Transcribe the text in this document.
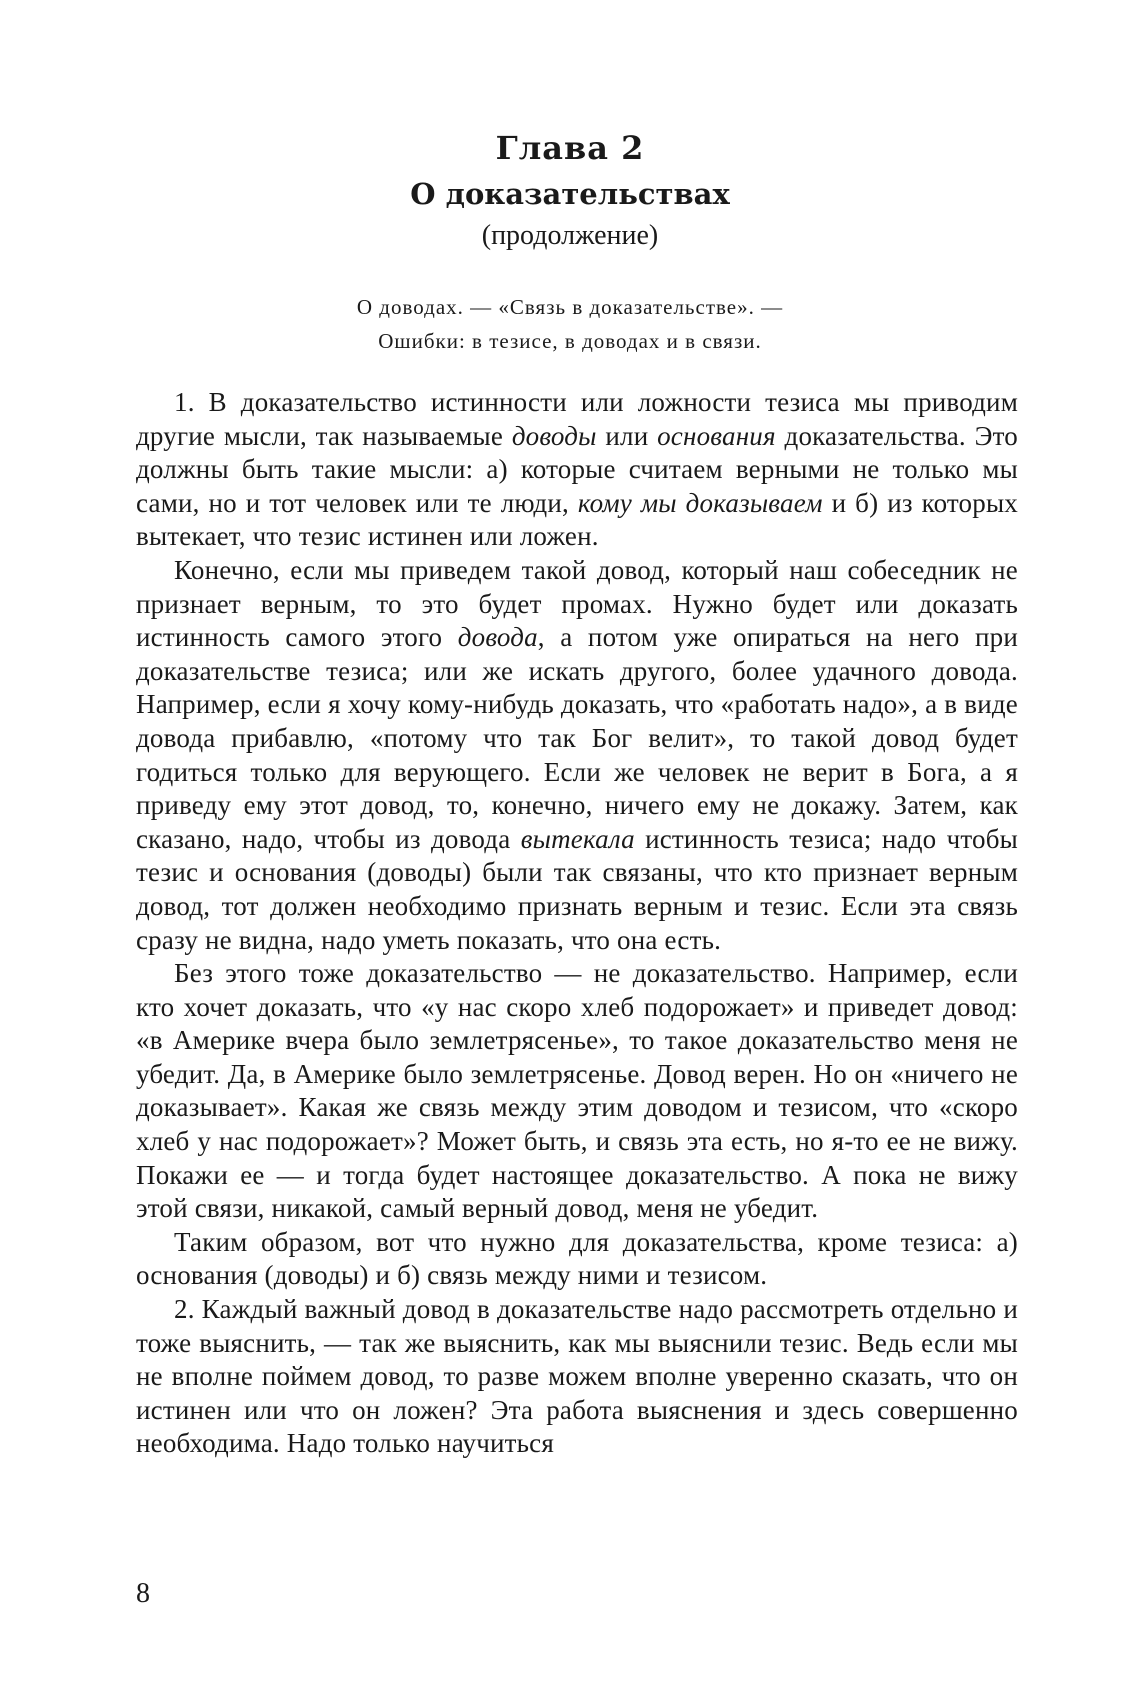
Глава 2
О доказательствах
(продолжение)
О доводах. — «Связь в доказательстве». —
Ошибки: в тезисе, в доводах и в связи.

1. В доказательство истинности или ложности тезиса мы приводим другие мысли, так называемые доводы или основания доказательства. Это должны быть такие мысли: а) которые считаем верными не только мы сами, но и тот человек или те люди, кому мы доказываем и б) из которых вытекает, что тезис истинен или ложен.

Конечно, если мы приведем такой довод, который наш собеседник не признает верным, то это будет промах. Нужно будет или доказать истинность самого этого довода, а потом уже опираться на него при доказательстве тезиса; или же искать другого, более удачного довода. Например, если я хочу кому-нибудь доказать, что «работать надо», а в виде довода прибавлю, «потому что так Бог велит», то такой довод будет годиться только для верующего. Если же человек не верит в Бога, а я приведу ему этот довод, то, конечно, ничего ему не докажу. Затем, как сказано, надо, чтобы из довода вытекала истинность тезиса; надо чтобы тезис и основания (доводы) были так связаны, что кто признает верным довод, тот должен необходимо признать верным и тезис. Если эта связь сразу не видна, надо уметь показать, что она есть.

Без этого тоже доказательство — не доказательство. Например, если кто хочет доказать, что «у нас скоро хлеб подорожает» и приведет довод: «в Америке вчера было землетрясенье», то такое доказательство меня не убедит. Да, в Америке было землетрясенье. Довод верен. Но он «ничего не доказывает». Какая же связь между этим доводом и тезисом, что «скоро хлеб у нас подорожает»? Может быть, и связь эта есть, но я-то ее не вижу. Покажи ее — и тогда будет настоящее доказательство. А пока не вижу этой связи, никакой, самый верный довод, меня не убедит.

Таким образом, вот что нужно для доказательства, кроме тезиса: а) основания (доводы) и б) связь между ними и тезисом.

2. Каждый важный довод в доказательстве надо рассмотреть отдельно и тоже выяснить, — так же выяснить, как мы выяснили тезис. Ведь если мы не вполне поймем довод, то разве можем вполне уверенно сказать, что он истинен или что он ложен? Эта работа выяснения и здесь совершенно необходима. Надо только научиться

8
